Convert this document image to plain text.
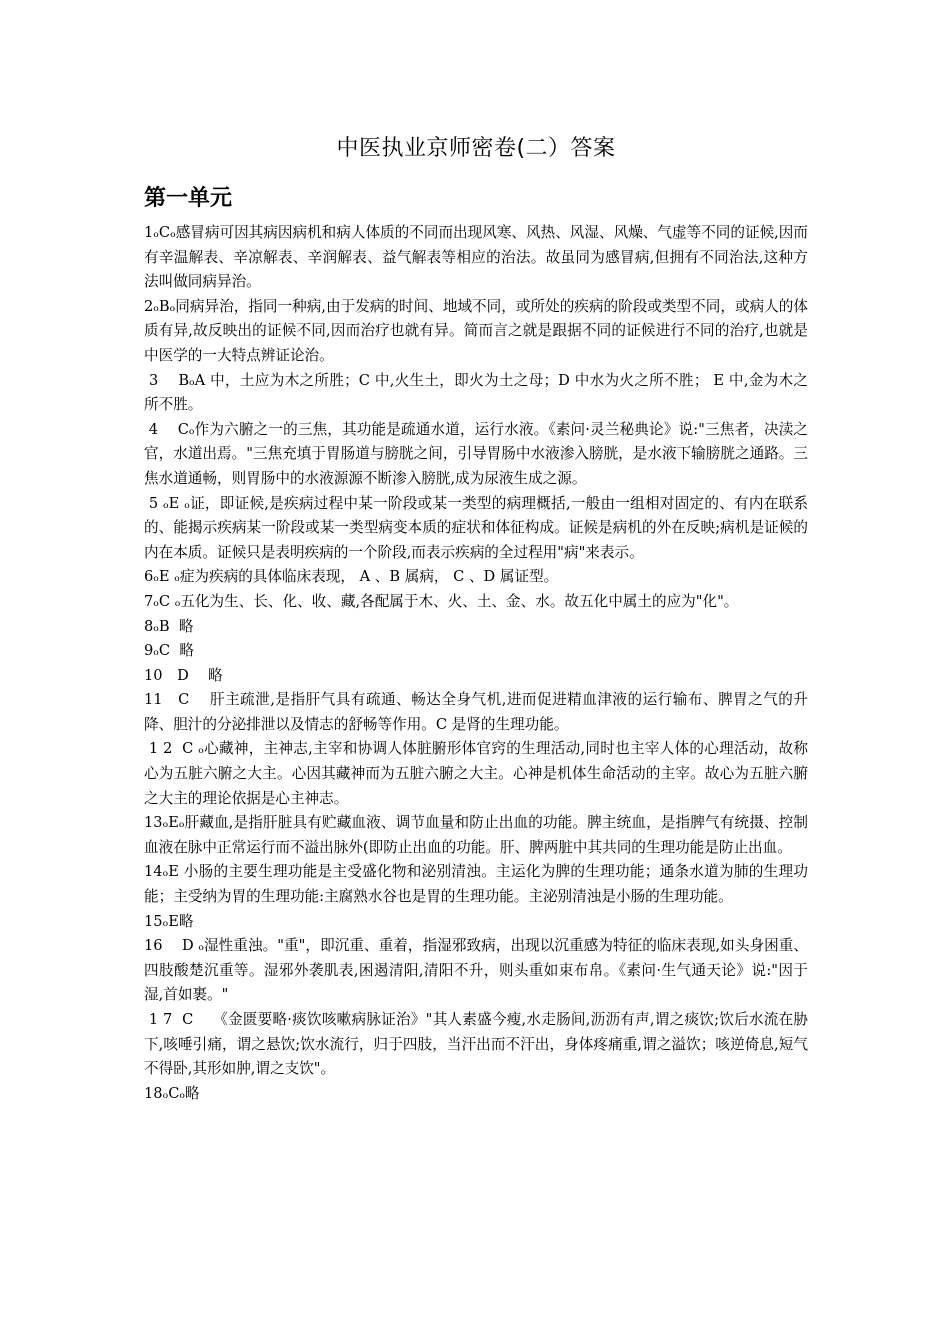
中医执业京师密卷(二）答案
第一单元

1ₒCₒ感冒病可因其病因病机和病人体质的不同而出现风寒、风热、风湿、风燥、气虚等不同的证候,因而有辛温解表、辛凉解表、辛润解表、益气解表等相应的治法。故虽同为感冒病,但拥有不同治法,这种方法叫做同病异治。

2ₒBₒ同病异治，指同一种病,由于发病的时间、地域不同，或所处的疾病的阶段或类型不同，或病人的体质有异,故反映出的证候不同,因而治疗也就有异。简而言之就是跟据不同的证候进行不同的治疗,也就是中医学的一大特点辨证论治。

3　 BₒA 中，土应为木之所胜；C 中,火生土，即火为土之母；D 中水为火之所不胜； E 中,金为木之所不胜。

4　 Cₒ作为六腑之一的三焦，其功能是疏通水道，运行水液。《素问·灵兰秘典论》说:"三焦者，决渎之官，水道出焉。"三焦充填于胃肠道与膀胱之间，引导胃肠中水液渗入膀胱，是水液下输膀胱之通路。三焦水道通畅，则胃肠中的水液源源不断渗入膀胱,成为尿液生成之源。

5 ₒE ₒ证，即证候,是疾病过程中某一阶段或某一类型的病理概括,一般由一组相对固定的、有内在联系的、能揭示疾病某一阶段或某一类型病变本质的症状和体征构成。证候是病机的外在反映;病机是证候的内在本质。证候只是表明疾病的一个阶段,而表示疾病的全过程用"病"来表示。

6ₒE ₒ症为疾病的具体临床表现， A 、B 属病， C 、D 属证型。

7ₒC ₒ五化为生、长、化、收、藏,各配属于木、火、土、金、水。故五化中属土的应为"化"。

8ₒB  略

9ₒC  略

10　D　 略

11　C　 肝主疏泄,是指肝气具有疏通、畅达全身气机,进而促进精血津液的运行输布、脾胃之气的升降、胆汁的分泌排泄以及情志的舒畅等作用。C 是肾的生理功能。

1 2  C ₒ心藏神，主神志,主宰和协调人体脏腑形体官窍的生理活动,同时也主宰人体的心理活动，故称心为五脏六腑之大主。心因其藏神而为五脏六腑之大主。心神是机体生命活动的主宰。故心为五脏六腑之大主的理论依据是心主神志。

13ₒEₒ肝藏血,是指肝脏具有贮藏血液、调节血量和防止出血的功能。脾主统血，是指脾气有统摄、控制血液在脉中正常运行而不溢出脉外(即防止出血的功能。肝、脾两脏中其共同的生理功能是防止出血。

14ₒE 小肠的主要生理功能是主受盛化物和泌别清浊。主运化为脾的生理功能；通条水道为肺的生理功能；主受纳为胃的生理功能:主腐熟水谷也是胃的生理功能。主泌别清浊是小肠的生理功能。

15ₒE略

16　 D ₒ湿性重浊。"重"，即沉重、重着，指湿邪致病，出现以沉重感为特征的临床表现,如头身困重、四肢酸楚沉重等。湿邪外袭肌表,困遏清阳,清阳不升，则头重如束布帛。《素问·生气通天论》说:"因于湿,首如裹。"

1 7  C　 《金匮要略·痰饮咳嗽病脉证治》"其人素盛今瘦,水走肠间,沥沥有声,谓之痰饮;饮后水流在胁下,咳唾引痛，谓之悬饮;饮水流行，归于四肢，当汗出而不汗出，身体疼痛重,谓之溢饮；咳逆倚息,短气不得卧,其形如肿,谓之支饮"。

18ₒCₒ略
